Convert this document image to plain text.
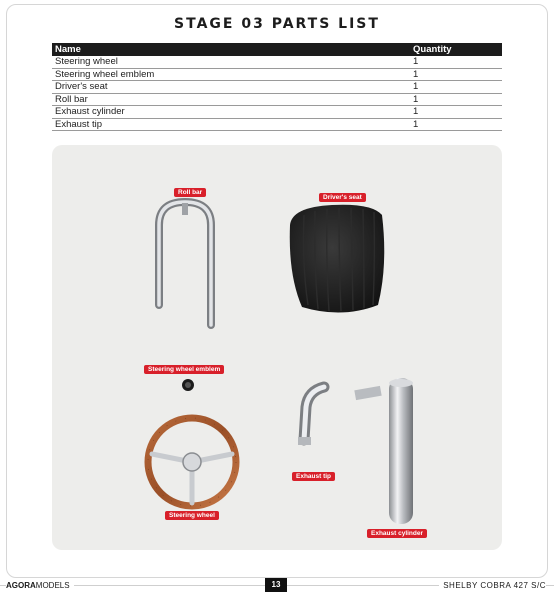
STAGE 03 PARTS LIST
Name	Quantity
Steering wheel	1
Steering wheel emblem	1
Driver's seat	1
Roll bar	1
Exhaust cylinder	1
Exhaust tip	1
Roll bar
Driver's seat
Steering wheel emblem
Exhaust tip
Steering wheel
Exhaust cylinder
AGORAMODELS	13	SHELBY COBRA 427 S/C
